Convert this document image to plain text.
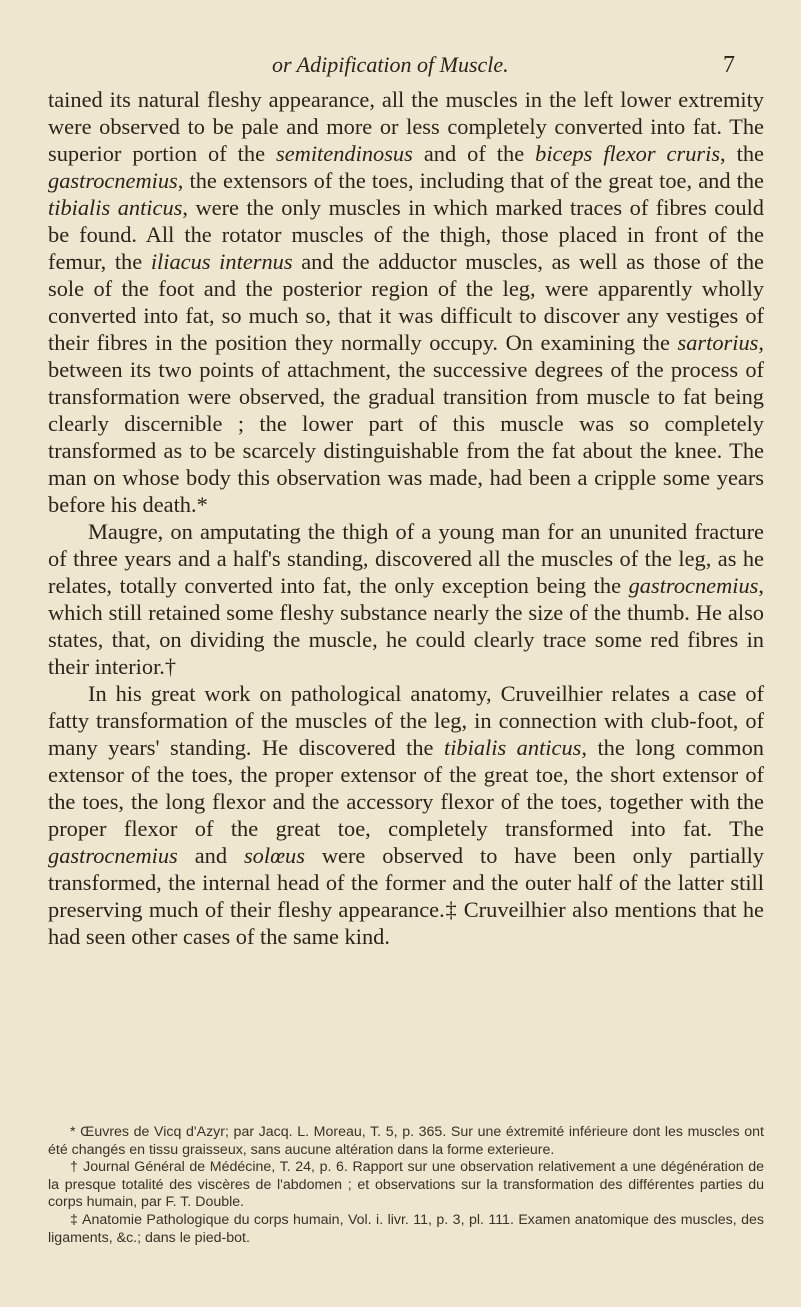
or Adipification of Muscle.	7

tained its natural fleshy appearance, all the muscles in the left lower extremity were observed to be pale and more or less completely converted into fat. The superior portion of the semitendinosus and of the biceps flexor cruris, the gastrocnemius, the extensors of the toes, including that of the great toe, and the tibialis anticus, were the only muscles in which marked traces of fibres could be found. All the rotator muscles of the thigh, those placed in front of the femur, the iliacus internus and the adductor muscles, as well as those of the sole of the foot and the posterior region of the leg, were apparently wholly converted into fat, so much so, that it was difficult to discover any vestiges of their fibres in the position they normally occupy. On examining the sartorius, between its two points of attachment, the successive degrees of the process of transformation were observed, the gradual transition from muscle to fat being clearly discernible ; the lower part of this muscle was so completely transformed as to be scarcely distinguishable from the fat about the knee. The man on whose body this observation was made, had been a cripple some years before his death.*

Maugre, on amputating the thigh of a young man for an ununited fracture of three years and a half's standing, discovered all the muscles of the leg, as he relates, totally converted into fat, the only exception being the gastrocnemius, which still retained some fleshy substance nearly the size of the thumb. He also states, that, on dividing the muscle, he could clearly trace some red fibres in their interior.†

In his great work on pathological anatomy, Cruveilhier relates a case of fatty transformation of the muscles of the leg, in connection with club-foot, of many years' standing. He discovered the tibialis anticus, the long common extensor of the toes, the proper extensor of the great toe, the short extensor of the toes, the long flexor and the accessory flexor of the toes, together with the proper flexor of the great toe, completely transformed into fat. The gastrocnemius and solœus were observed to have been only partially transformed, the internal head of the former and the outer half of the latter still preserving much of their fleshy appearance.‡ Cruveilhier also mentions that he had seen other cases of the same kind.

* Œuvres de Vicq d'Azyr; par Jacq. L. Moreau, T. 5, p. 365. Sur une éxtremité inférieure dont les muscles ont été changés en tissu graisseux, sans aucune altération dans la forme exterieure.

† Journal Général de Médécine, T. 24, p. 6. Rapport sur une observation relativement a une dégénération de la presque totalité des viscères de l'abdomen ; et observations sur la transformation des différentes parties du corps humain, par F. T. Double.

‡ Anatomie Pathologique du corps humain, Vol. i. livr. 11, p. 3, pl. 111. Examen anatomique des muscles, des ligaments, &c.; dans le pied-bot.
